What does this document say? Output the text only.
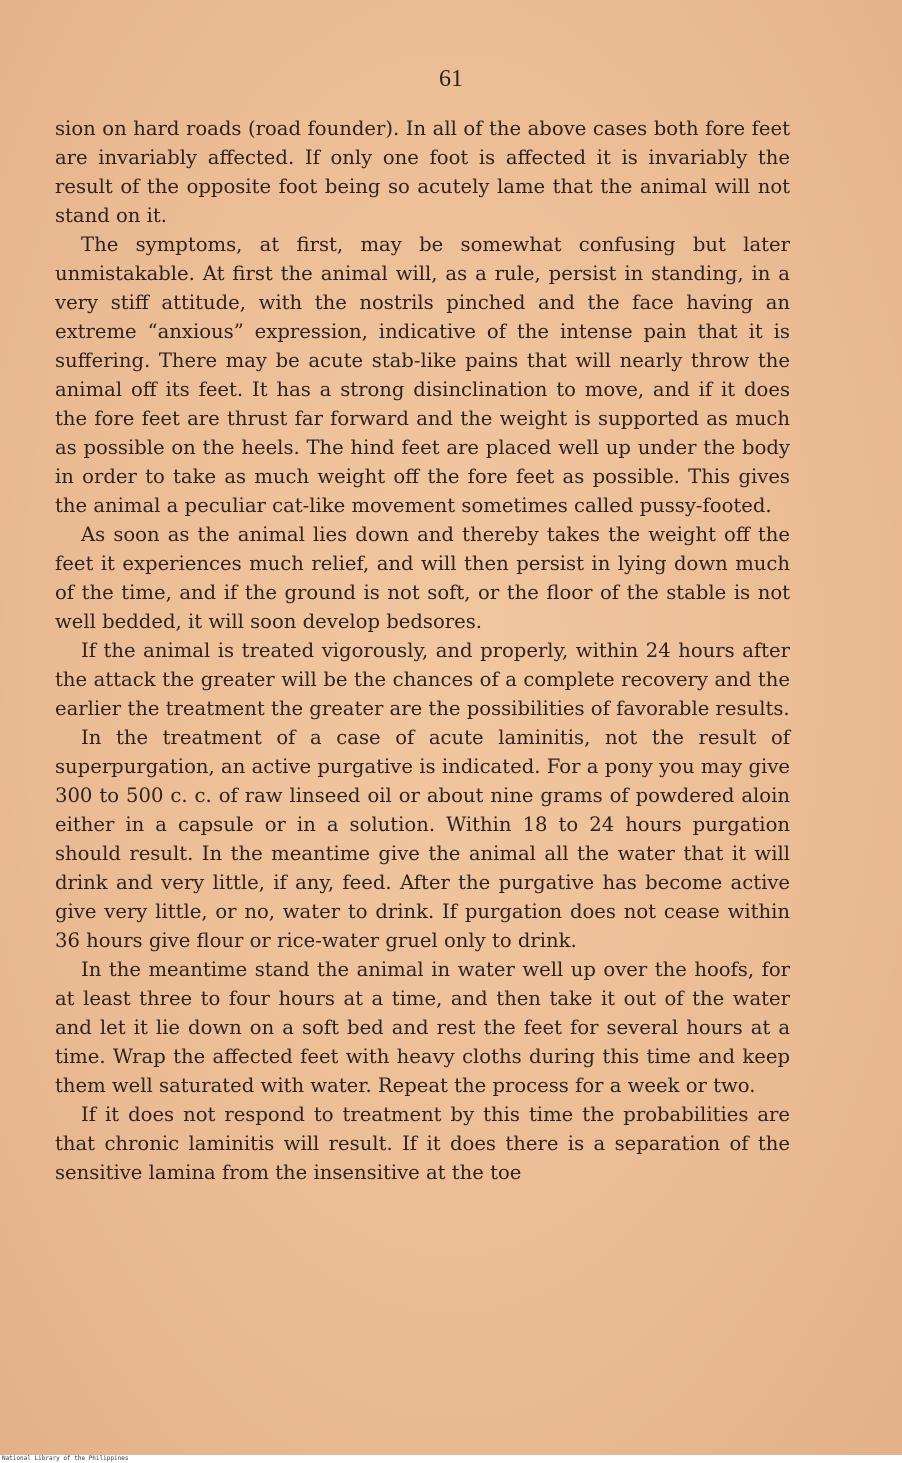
61

sion on hard roads (road founder). In all of the above cases both fore feet are invariably affected. If only one foot is affected it is invariably the result of the opposite foot being so acutely lame that the animal will not stand on it.

The symptoms, at first, may be somewhat confusing but later unmistakable. At first the animal will, as a rule, persist in standing, in a very stiff attitude, with the nostrils pinched and the face having an extreme “anxious” expression, indicative of the intense pain that it is suffering. There may be acute stab-like pains that will nearly throw the animal off its feet. It has a strong disinclination to move, and if it does the fore feet are thrust far forward and the weight is supported as much as possible on the heels. The hind feet are placed well up under the body in order to take as much weight off the fore feet as possible. This gives the animal a peculiar cat-like movement sometimes called pussy-footed.

As soon as the animal lies down and thereby takes the weight off the feet it experiences much relief, and will then persist in lying down much of the time, and if the ground is not soft, or the floor of the stable is not well bedded, it will soon develop bedsores.

If the animal is treated vigorously, and properly, within 24 hours after the attack the greater will be the chances of a complete recovery and the earlier the treatment the greater are the possibilities of favorable results.

In the treatment of a case of acute laminitis, not the result of superpurgation, an active purgative is indicated. For a pony you may give 300 to 500 c. c. of raw linseed oil or about nine grams of powdered aloin either in a capsule or in a solution. Within 18 to 24 hours purgation should result. In the meantime give the animal all the water that it will drink and very little, if any, feed. After the purgative has become active give very little, or no, water to drink. If purgation does not cease within 36 hours give flour or rice-water gruel only to drink.

In the meantime stand the animal in water well up over the hoofs, for at least three to four hours at a time, and then take it out of the water and let it lie down on a soft bed and rest the feet for several hours at a time. Wrap the affected feet with heavy cloths during this time and keep them well saturated with water. Repeat the process for a week or two.

If it does not respond to treatment by this time the probabilities are that chronic laminitis will result. If it does there is a separation of the sensitive lamina from the insensitive at the toe

National Library of the Philippines
